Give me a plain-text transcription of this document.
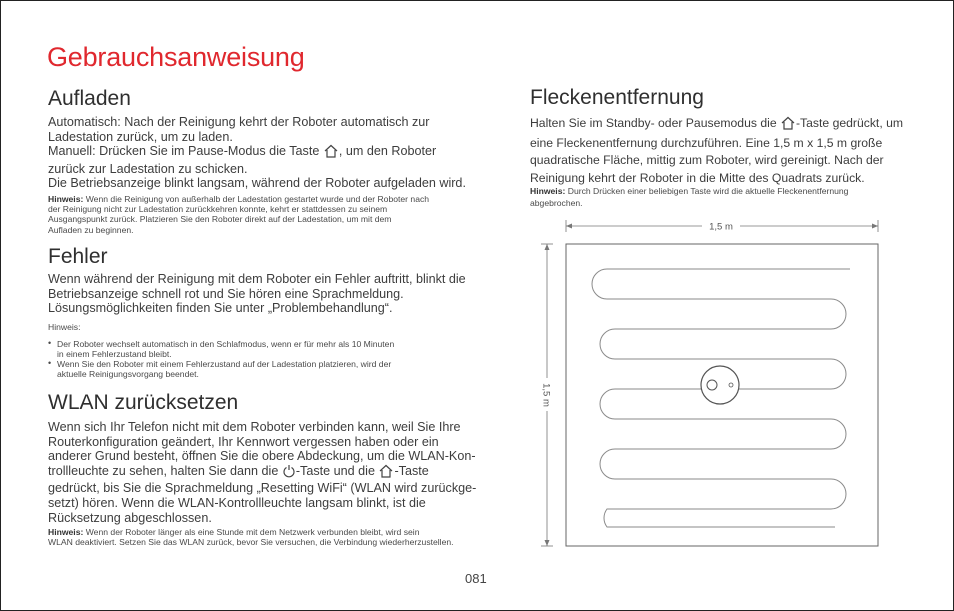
Gebrauchsanweisung
Aufladen
Automatisch: Nach der Reinigung kehrt der Roboter automatisch zur
Ladestation zurück, um zu laden.
Manuell: Drücken Sie im Pause-Modus die Taste , um den Roboter
zurück zur Ladestation zu schicken.
Die Betriebsanzeige blinkt langsam, während der Roboter aufgeladen wird.
Hinweis: Wenn die Reinigung von außerhalb der Ladestation gestartet wurde und der Roboter nach
der Reinigung nicht zur Ladestation zurückkehren konnte, kehrt er stattdessen zu seinem
Ausgangspunkt zurück. Platzieren Sie den Roboter direkt auf der Ladestation, um mit dem
Aufladen zu beginnen.
Fehler
Wenn während der Reinigung mit dem Roboter ein Fehler auftritt, blinkt die
Betriebsanzeige schnell rot und Sie hören eine Sprachmeldung.
Lösungsmöglichkeiten finden Sie unter „Problembehandlung“.
Hinweis:
• Der Roboter wechselt automatisch in den Schlafmodus, wenn er für mehr als 10 Minuten
in einem Fehlerzustand bleibt.
• Wenn Sie den Roboter mit einem Fehlerzustand auf der Ladestation platzieren, wird der
aktuelle Reinigungsvorgang beendet.
WLAN zurücksetzen
Wenn sich Ihr Telefon nicht mit dem Roboter verbinden kann, weil Sie Ihre
Routerkonfiguration geändert, Ihr Kennwort vergessen haben oder ein
anderer Grund besteht, öffnen Sie die obere Abdeckung, um die WLAN-Kon-
trollleuchte zu sehen, halten Sie dann die -Taste und die -Taste
gedrückt, bis Sie die Sprachmeldung „Resetting WiFi“ (WLAN wird zurückge-
setzt) hören. Wenn die WLAN-Kontrollleuchte langsam blinkt, ist die
Rücksetzung abgeschlossen.
Hinweis: Wenn der Roboter länger als eine Stunde mit dem Netzwerk verbunden bleibt, wird sein
WLAN deaktiviert. Setzen Sie das WLAN zurück, bevor Sie versuchen, die Verbindung wiederherzustellen.
Fleckenentfernung
Halten Sie im Standby- oder Pausemodus die -Taste gedrückt, um
eine Fleckenentfernung durchzuführen. Eine 1,5 m x 1,5 m große
quadratische Fläche, mittig zum Roboter, wird gereinigt. Nach der
Reinigung kehrt der Roboter in die Mitte des Quadrats zurück.
Hinweis: Durch Drücken einer beliebigen Taste wird die aktuelle Fleckenentfernung
abgebrochen.
1,5 m
1,5 m
081
